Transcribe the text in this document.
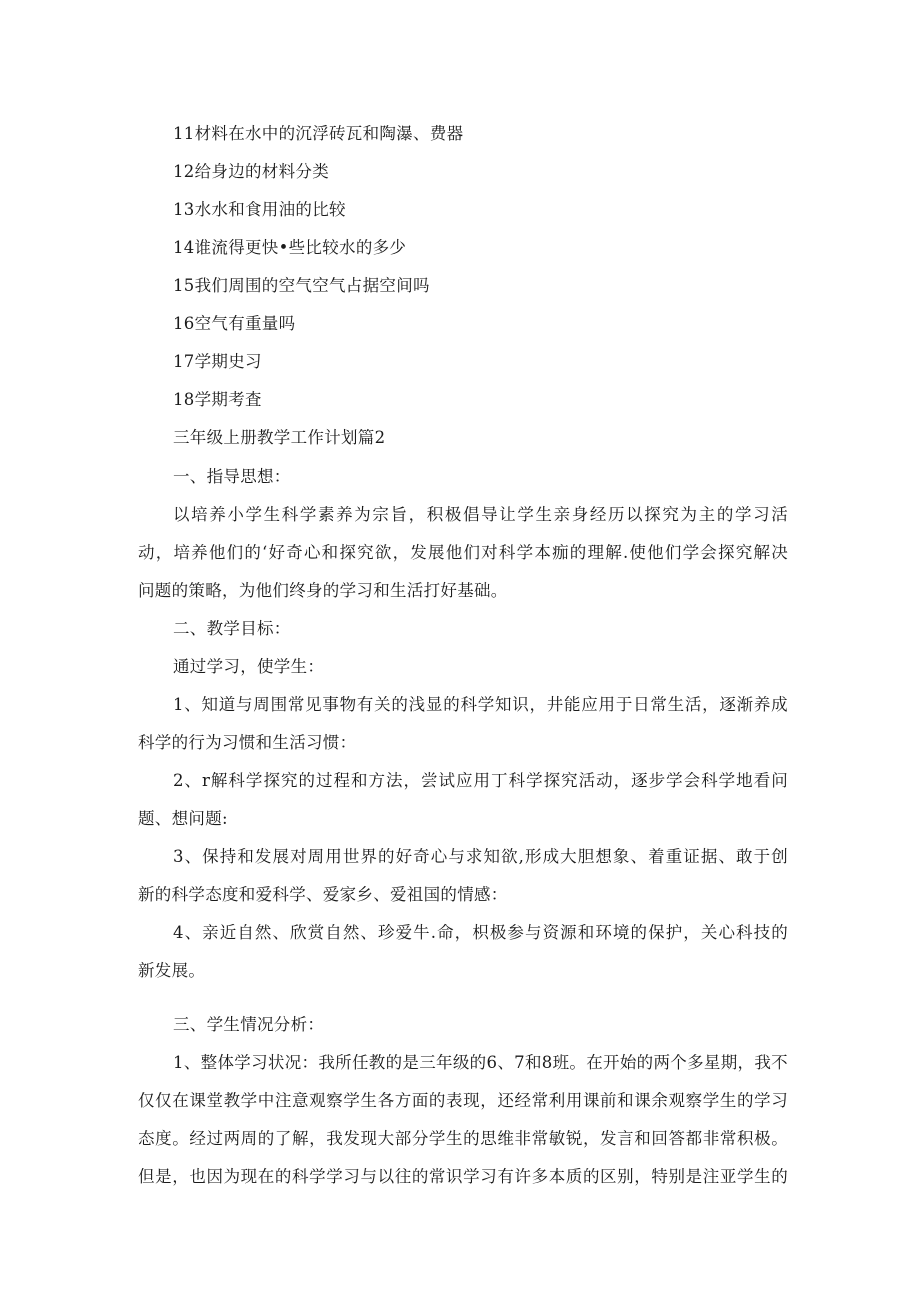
11材料在水中的沉浮砖瓦和陶瀑、费器
12给身边的材料分类
13水水和食用油的比较
14谁流得更快•些比较水的多少
15我们周围的空气空气占据空间吗
16空气有重量吗
17学期史习
18学期考査
三年级上册教学工作计划篇2
一、指导思想：
以培养小学生科学素养为宗旨，积极倡导让学生亲身经历以探究为主的学习活
动，培养他们的‘好奇心和探究欲，发展他们对科学本痂的理解.使他们学会探究解决
问题的策略，为他们终身的学习和生活打好基础。
二、教学目标：
通过学习，使学生：
1、知道与周围常见事物有关的浅显的科学知识，井能应用于日常生活，逐渐养成
科学的行为习惯和生活习惯：
2、r解科学探究的过程和方法，尝试应用丁科学探究活动，逐步学会科学地看问
题、想问题:
3、保持和发展对周用世界的好奇心与求知欲,形成大胆想象、着重证据、敢于创
新的科学态度和爱科学、爱家乡、爱祖国的情感：
4、亲近自然、欣赏自然、珍爱牛.命，枳极参与资源和环境的保护，关心科技的
新发展。
三、学生情况分析：
1、整体学习状况：我所任教的是三年级的6、7和8班。在开始的两个多星期，我不
仅仅在课堂教学中注意观察学生各方面的表现，还经常利用课前和课余观察学生的学习
态度。经过两周的了解，我发现大部分学生的思维非常敏锐，发言和回答都非常积极。
但是，也因为现在的科学学习与以往的常识学习有许多本质的区别，特别是注亚学生的
